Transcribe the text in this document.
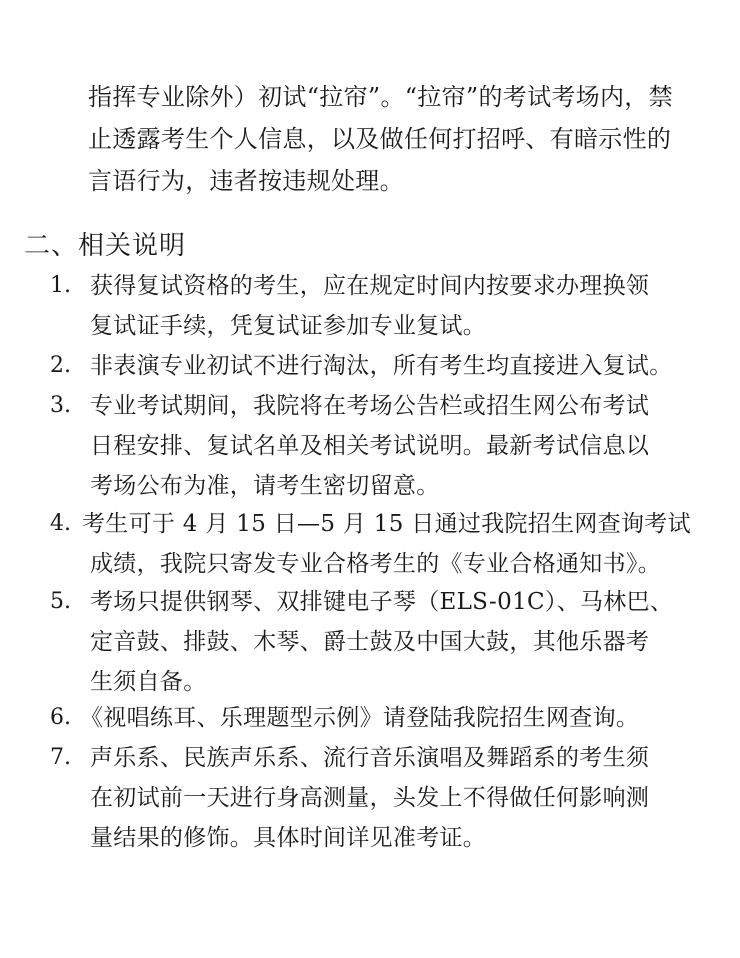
指挥专业除外）初试“拉帘”。“拉帘”的考试考场内，禁
止透露考生个人信息，以及做任何打招呼、有暗示性的
言语行为，违者按违规处理。
二、相关说明
1. 获得复试资格的考生，应在规定时间内按要求办理换领
复试证手续，凭复试证参加专业复试。
2. 非表演专业初试不进行淘汰，所有考生均直接进入复试。
3. 专业考试期间，我院将在考场公告栏或招生网公布考试
日程安排、复试名单及相关考试说明。最新考试信息以
考场公布为准，请考生密切留意。
4. 考生可于 4 月 15 日—5 月 15 日通过我院招生网查询考试
成绩，我院只寄发专业合格考生的《专业合格通知书》。
5. 考场只提供钢琴、双排键电子琴（ELS-01C）、马林巴、
定音鼓、排鼓、木琴、爵士鼓及中国大鼓，其他乐器考
生须自备。
6. 《视唱练耳、乐理题型示例》请登陆我院招生网查询。
7. 声乐系、民族声乐系、流行音乐演唱及舞蹈系的考生须
在初试前一天进行身高测量，头发上不得做任何影响测
量结果的修饰。具体时间详见准考证。
